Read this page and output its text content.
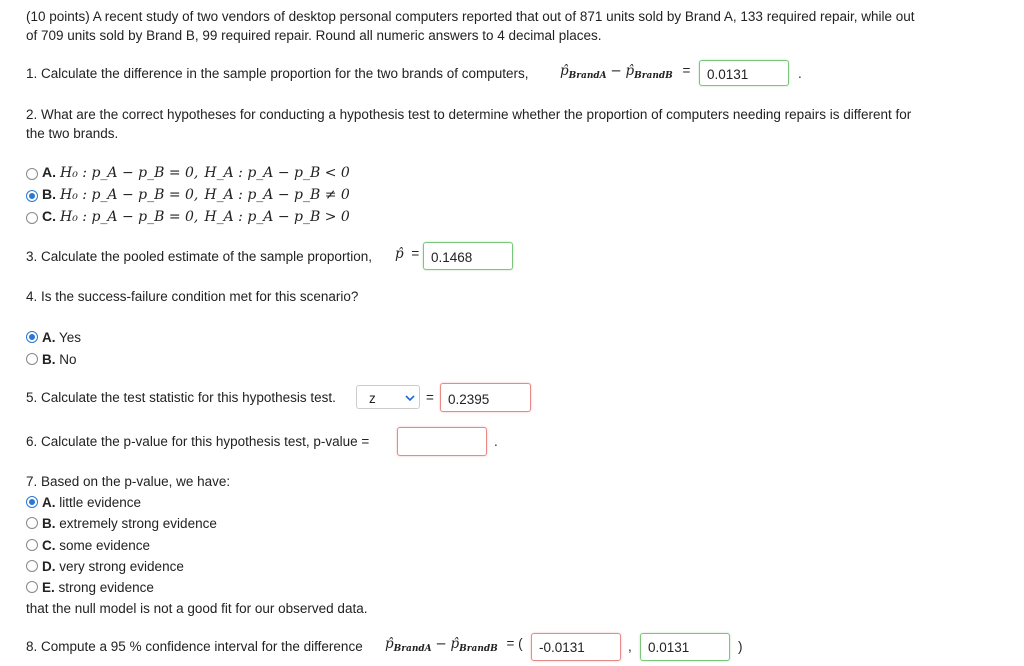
(10 points) A recent study of two vendors of desktop personal computers reported that out of 871 units sold by Brand A, 133 required repair, while out
of 709 units sold by Brand B, 99 required repair. Round all numeric answers to 4 decimal places.
1. Calculate the difference in the sample proportion for the two brands of computers, $p̂_{BrandA}$ − $p̂_{BrandB}$ =	0.0131	.
2. What are the correct hypotheses for conducting a hypothesis test to determine whether the proportion of computers needing repairs is different for
the two brands.
A. H₀ : p_A − p_B = 0, H_A : p_A − p_B < 0
B. H₀ : p_A − p_B = 0, H_A : p_A − p_B ≠ 0
C. H₀ : p_A − p_B = 0, H_A : p_A − p_B > 0
3. Calculate the pooled estimate of the sample proportion, p̂ = 0.1468
4. Is the success-failure condition met for this scenario?
A. Yes
B. No
5. Calculate the test statistic for this hypothesis test. z	=	0.2395
6. Calculate the p-value for this hypothesis test, p-value =	.
7. Based on the p-value, we have:
A. little evidence
B. extremely strong evidence
C. some evidence
D. very strong evidence
E. strong evidence
that the null model is not a good fit for our observed data.
8. Compute a 95 % confidence interval for the difference $p̂_{BrandA}$ − $p̂_{BrandB}$ = (	-0.0131	,	0.0131	)
